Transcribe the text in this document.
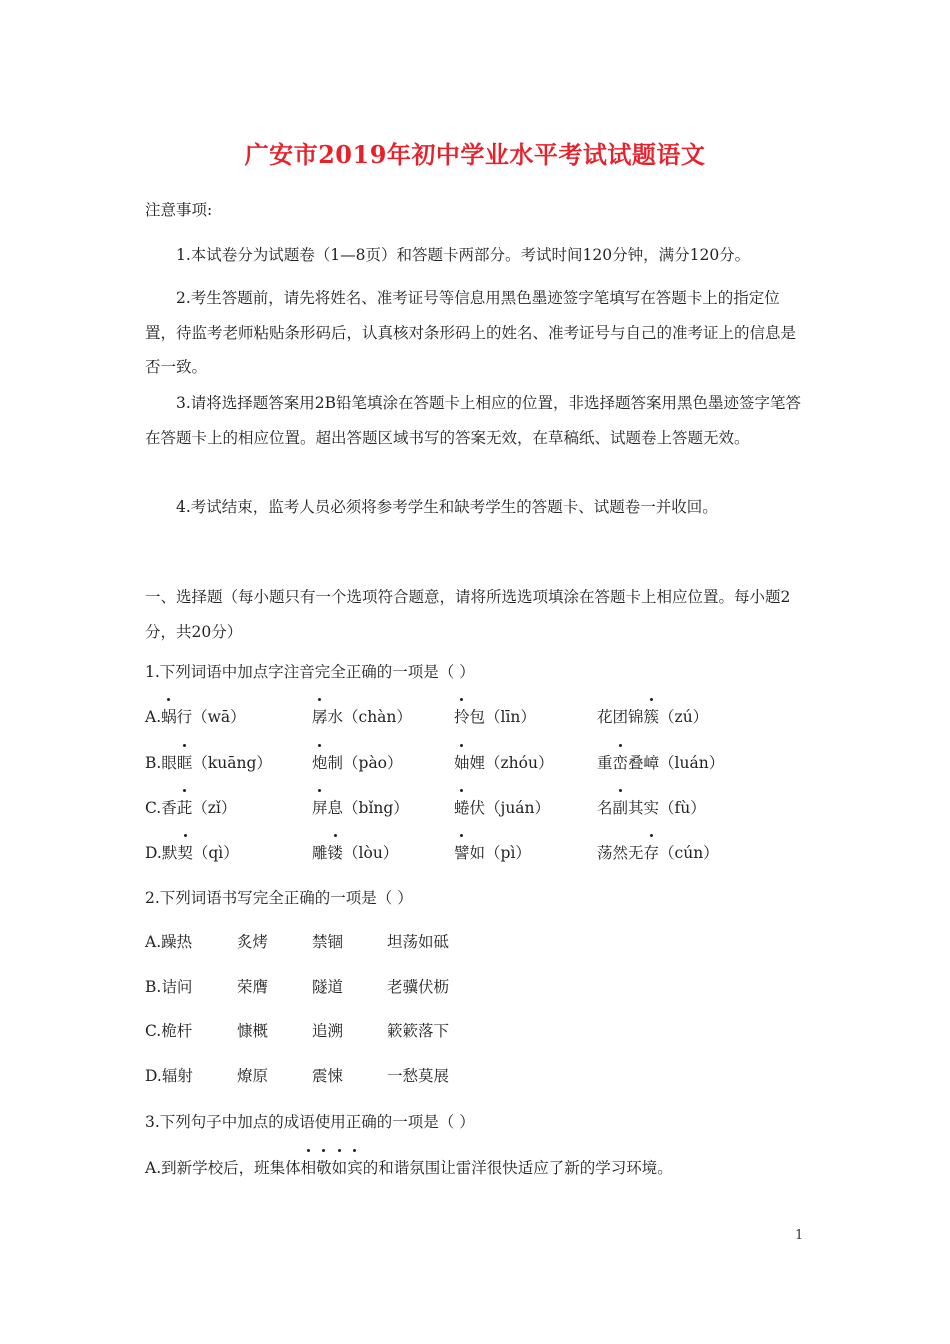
广安市2019年初中学业水平考试试题语文
注意事项:
1.本试卷分为试题卷（1—8页）和答题卡两部分。考试时间120分钟，满分120分。
2.考生答题前，请先将姓名、准考证号等信息用黑色墨迹签字笔填写在答题卡上的指定位置，待监考老师粘贴条形码后，认真核对条形码上的姓名、准考证号与自己的准考证上的信息是否一致。
3.请将选择题答案用2B铅笔填涂在答题卡上相应的位置，非选择题答案用黑色墨迹签字笔答在答题卡上的相应位置。超出答题区域书写的答案无效，在草稿纸、试题卷上答题无效。
4.考试结束，监考人员必须将参考学生和缺考学生的答题卡、试题卷一并收回。
一、选择题（每小题只有一个选项符合题意，请将所选选项填涂在答题卡上相应位置。每小题2分，共20分）
1.下列词语中加点字注音完全正确的一项是（ ）
A.蜗行（wā）	孱水（chàn）	拎包（līn）	花团锦簇（zú）
B.眼眶（kuāng）	炮制（pào）	妯娌（zhóu）	重峦叠嶂（luán）
C.香茈（zǐ）	屏息（bǐng）	蜷伏（juán）	名副其实（fù）
D.默契（qì）	雕镂（lòu）	譬如（pì）	荡然无存（cún）
2.下列词语书写完全正确的一项是（ ）
A.躁热	炙烤	禁锢	坦荡如砥
B.诘问	荣膺	隧道	老骥伏枥
C.桅杆	慷概	追溯	簌簌落下
D.辐射	燎原	震悚	一愁莫展
3.下列句子中加点的成语使用正确的一项是（ ）
A.到新学校后，班集体相敬如宾的和谐氛围让雷洋很快适应了新的学习环境。
1
